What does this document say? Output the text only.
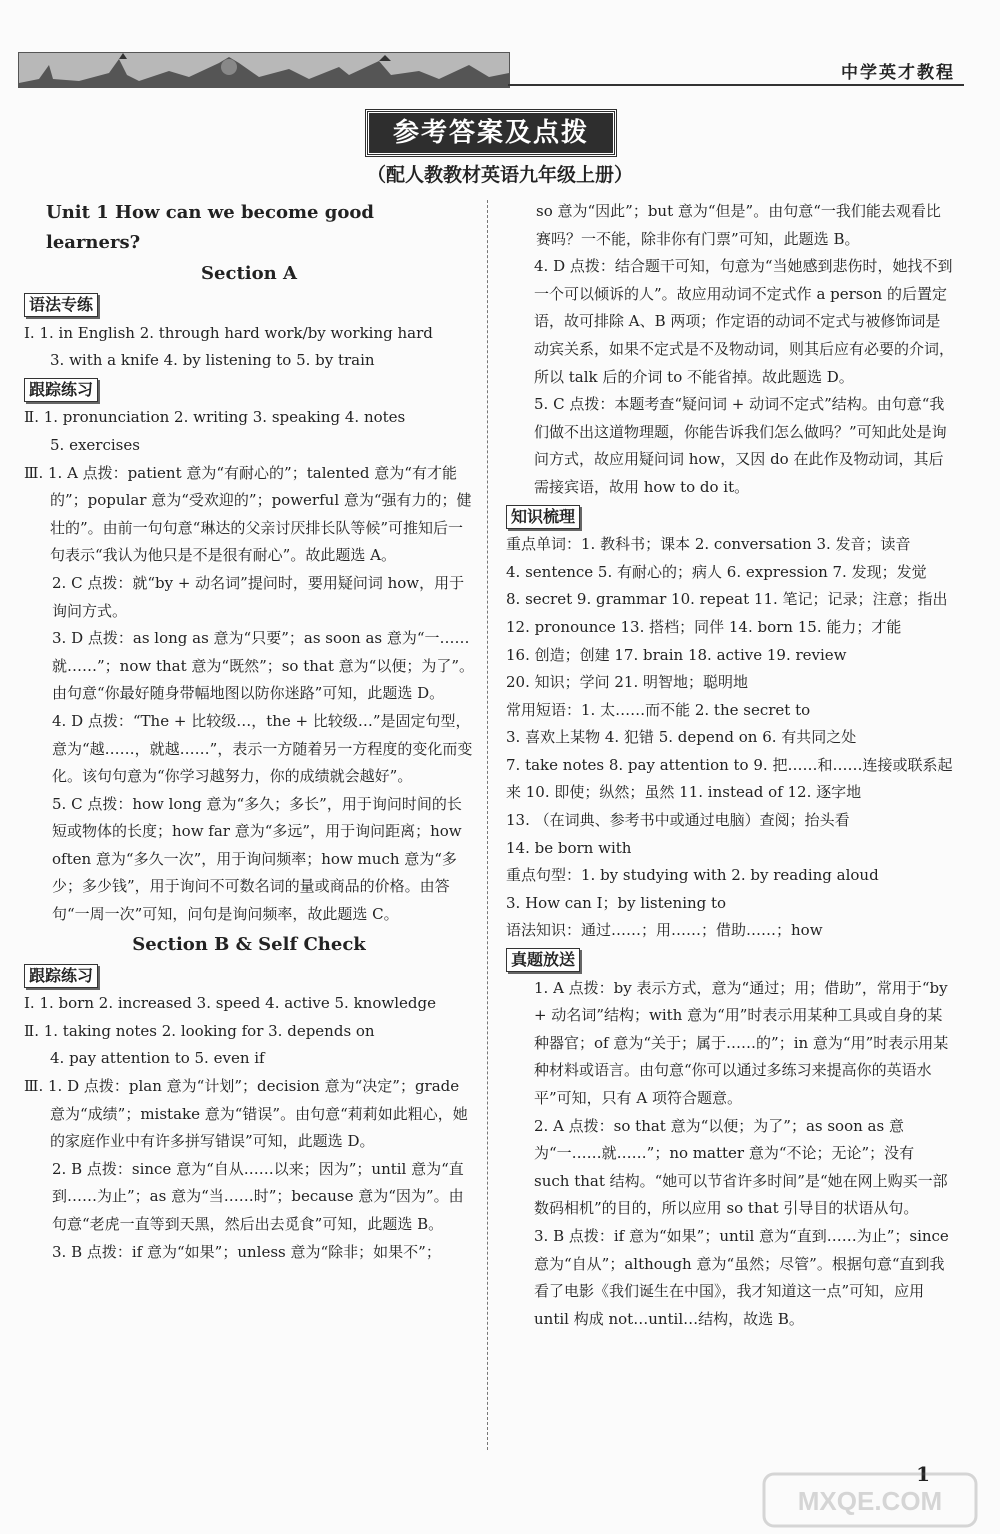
中学英才教程
参考答案及点拨
（配人教教材英语九年级上册）
Unit 1 How can we become good learners?
Section A
语法专练
Ⅰ. 1. in English 2. through hard work/by working hard
3. with a knife 4. by listening to 5. by train
跟踪练习
Ⅱ. 1. pronunciation 2. writing 3. speaking 4. notes
5. exercises
Ⅲ. 1. A 点拨：patient 意为“有耐心的”；talented 意为“有才能的”；popular 意为“受欢迎的”；powerful 意为“强有力的；健壮的”。由前一句句意“琳达的父亲讨厌排长队等候”可推知后一句表示“我认为他只是不是很有耐心”。故此题选 A。
2. C 点拨：就“by + 动名词”提问时，要用疑问词 how，用于询问方式。
3. D 点拨：as long as 意为“只要”；as soon as 意为“一……就……”；now that 意为“既然”；so that 意为“以便；为了”。由句意“你最好随身带幅地图以防你迷路”可知，此题选 D。
4. D 点拨：“The + 比较级…，the + 比较级…”是固定句型，意为“越……，就越……”，表示一方随着另一方程度的变化而变化。该句句意为“你学习越努力，你的成绩就会越好”。
5. C 点拨：how long 意为“多久；多长”，用于询问时间的长短或物体的长度；how far 意为“多远”，用于询问距离；how often 意为“多久一次”，用于询问频率；how much 意为“多少；多少钱”，用于询问不可数名词的量或商品的价格。由答句“一周一次”可知，问句是询问频率，故此题选 C。
Section B & Self Check
跟踪练习
Ⅰ. 1. born 2. increased 3. speed 4. active 5. knowledge
Ⅱ. 1. taking notes 2. looking for 3. depends on
4. pay attention to 5. even if
Ⅲ. 1. D 点拨：plan 意为“计划”；decision 意为“决定”；grade 意为“成绩”；mistake 意为“错误”。由句意“莉莉如此粗心，她的家庭作业中有许多拼写错误”可知，此题选 D。
2. B 点拨：since 意为“自从……以来；因为”；until 意为“直到……为止”；as 意为“当……时”；because 意为“因为”。由句意“老虎一直等到天黑，然后出去觅食”可知，此题选 B。
3. B 点拨：if 意为“如果”；unless 意为“除非；如果不”；
so 意为“因此”；but 意为“但是”。由句意“一我们能去观看比赛吗？一不能，除非你有门票”可知，此题选 B。
4. D 点拨：结合题干可知，句意为“当她感到悲伤时，她找不到一个可以倾诉的人”。故应用动词不定式作 a person 的后置定语，故可排除 A、B 两项；作定语的动词不定式与被修饰词是动宾关系，如果不定式是不及物动词，则其后应有必要的介词，所以 talk 后的介词 to 不能省掉。故此题选 D。
5. C 点拨：本题考查“疑问词 + 动词不定式”结构。由句意“我们做不出这道物理题，你能告诉我们怎么做吗？”可知此处是询问方式，故应用疑问词 how，又因 do 在此作及物动词，其后需接宾语，故用 how to do it。
知识梳理
重点单词：1. 教科书；课本 2. conversation 3. 发音；读音
4. sentence 5. 有耐心的；病人 6. expression 7. 发现；发觉
8. secret 9. grammar 10. repeat 11. 笔记；记录；注意；指出
12. pronounce 13. 搭档；同伴 14. born 15. 能力；才能
16. 创造；创建 17. brain 18. active 19. review
20. 知识；学问 21. 明智地；聪明地
常用短语：1. 太……而不能 2. the secret to
3. 喜欢上某物 4. 犯错 5. depend on 6. 有共同之处
7. take notes 8. pay attention to 9. 把……和……连接或联系起来 10. 即使；纵然；虽然 11. instead of 12. 逐字地
13. （在词典、参考书中或通过电脑）查阅；抬头看
14. be born with
重点句型：1. by studying with 2. by reading aloud
3. How can I；by listening to
语法知识：通过……；用……；借助……；how
真题放送
1. A 点拨：by 表示方式，意为“通过；用；借助”，常用于“by + 动名词”结构；with 意为“用”时表示用某种工具或自身的某种器官；of 意为“关于；属于……的”；in 意为“用”时表示用某种材料或语言。由句意“你可以通过多练习来提高你的英语水平”可知，只有 A 项符合题意。
2. A 点拨：so that 意为“以便；为了”；as soon as 意为“一……就……”；no matter 意为“不论；无论”；没有 such that 结构。“她可以节省许多时间”是“她在网上购买一部数码相机”的目的，所以应用 so that 引导目的状语从句。
3. B 点拨：if 意为“如果”；until 意为“直到……为止”；since 意为“自从”；although 意为“虽然；尽管”。根据句意“直到我看了电影《我们诞生在中国》，我才知道这一点”可知，应用 until 构成 not…until…结构，故选 B。
1
MXQE.COM
